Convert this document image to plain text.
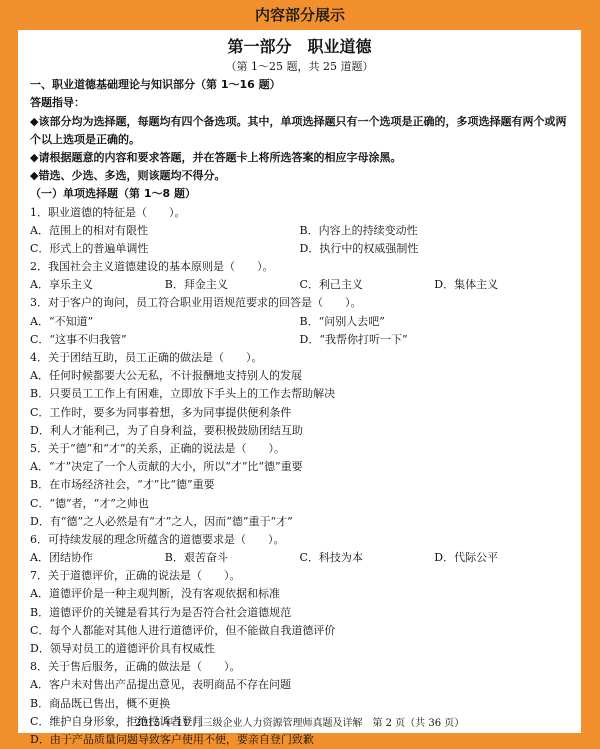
内容部分展示
第一部分　职业道德
（第 1～25 题，共 25 道题）
一、职业道德基础理论与知识部分（第 1～16 题）
答题指导：
◆该部分均为选择题，每题均有四个备选项。其中，单项选择题只有一个选项是正确的，多项选择题有两个或两个以上选项是正确的。
◆请根据题意的内容和要求答题，并在答题卡上将所选答案的相应字母涂黑。
◆错选、少选、多选，则该题均不得分。
（一）单项选择题（第 1～8 题）
1．职业道德的特征是（　　）。
A．范围上的相对有限性	B．内容上的持续变动性
C．形式上的普遍单调性	D．执行中的权威强制性
2．我国社会主义道德建设的基本原则是（　　）。
A．享乐主义	B．拜金主义	C．利己主义	D．集体主义
3．对于客户的询问，员工符合职业用语规范要求的回答是（　　）。
A．“不知道”	B．“问别人去吧”
C．“这事不归我管”	D．“我帮你打听一下”
4．关于团结互助，员工正确的做法是（　　）。
A．任何时候都要大公无私，不计报酬地支持别人的发展
B．只要员工工作上有困难，立即放下手头上的工作去帮助解决
C．工作时，要多为同事着想，多为同事提供便利条件
D．利人才能利己，为了自身利益，要积极鼓励团结互助
5．关于“德”和“才”的关系，正确的说法是（　　）。
A．“才”决定了一个人贡献的大小，所以“才”比“德”重要
B．在市场经济社会，“才”比“德”重要
C．“德”者，“才”之帅也
D．有“德”之人必然是有“才”之人，因而“德”重于“才”
6．可持续发展的理念所蕴含的道德要求是（　　）。
A．团结协作	B．艰苦奋斗	C．科技为本	D．代际公平
7．关于道德评价，正确的说法是（　　）。
A．道德评价是一种主观判断，没有客观依据和标准
B．道德评价的关键是看其行为是否符合社会道德规范
C．每个人都能对其他人进行道德评价，但不能做自我道德评价
D．领导对员工的道德评价具有权威性
8．关于售后服务，正确的做法是（　　）。
A．客户未对售出产品提出意见，表明商品不存在问题
B．商品既已售出，概不更换
C．维护自身形象，拒绝投诉者登门
D．由于产品质量问题导致客户使用不便，要亲自登门致歉
2015 年 11 月三级企业人力资源管理师真题及详解　第 2 页（共 36 页）
